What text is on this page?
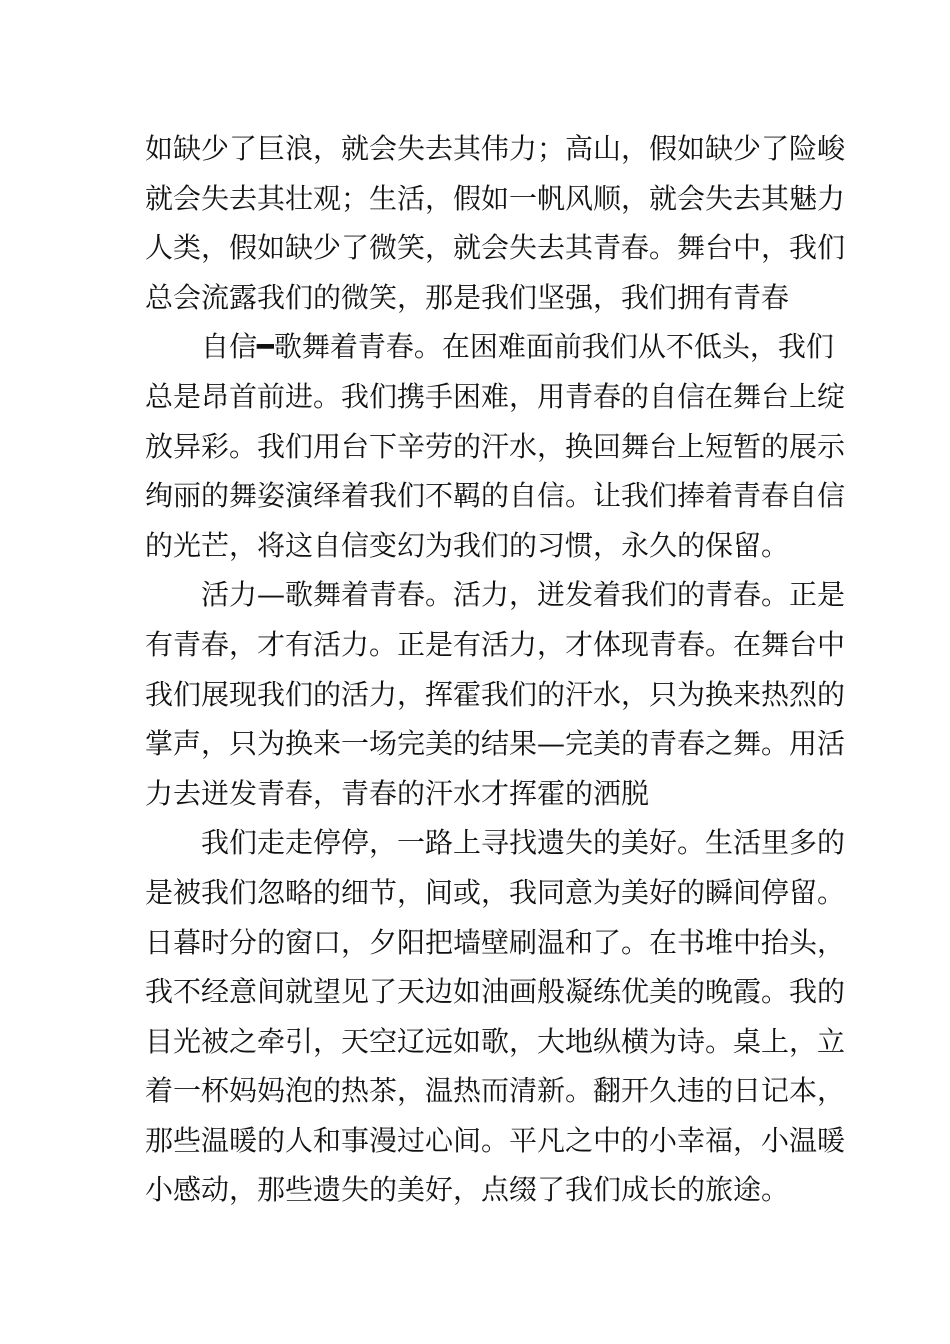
如缺少了巨浪，就会失去其伟力；高山，假如缺少了险峻
就会失去其壮观；生活，假如一帆风顺，就会失去其魅力
人类，假如缺少了微笑，就会失去其青春。舞台中，我们
总会流露我们的微笑，那是我们坚强，我们拥有青春
自信━歌舞着青春。在困难面前我们从不低头，我们
总是昂首前进。我们携手困难，用青春的自信在舞台上绽
放异彩。我们用台下辛劳的汗水，换回舞台上短暂的展示
绚丽的舞姿演绎着我们不羁的自信。让我们捧着青春自信
的光芒，将这自信变幻为我们的习惯，永久的保留。
活力—歌舞着青春。活力，迸发着我们的青春。正是
有青春，才有活力。正是有活力，才体现青春。在舞台中
我们展现我们的活力，挥霍我们的汗水，只为换来热烈的
掌声，只为换来一场完美的结果—完美的青春之舞。用活
力去迸发青春，青春的汗水才挥霍的洒脱
我们走走停停，一路上寻找遗失的美好。生活里多的
是被我们忽略的细节，间或，我同意为美好的瞬间停留。
日暮时分的窗口，夕阳把墙壁刷温和了。在书堆中抬头，
我不经意间就望见了天边如油画般凝练优美的晚霞。我的
目光被之牵引，天空辽远如歌，大地纵横为诗。桌上，立
着一杯妈妈泡的热茶，温热而清新。翻开久违的日记本，
那些温暖的人和事漫过心间。平凡之中的小幸福，小温暖
小感动，那些遗失的美好，点缀了我们成长的旅途。
